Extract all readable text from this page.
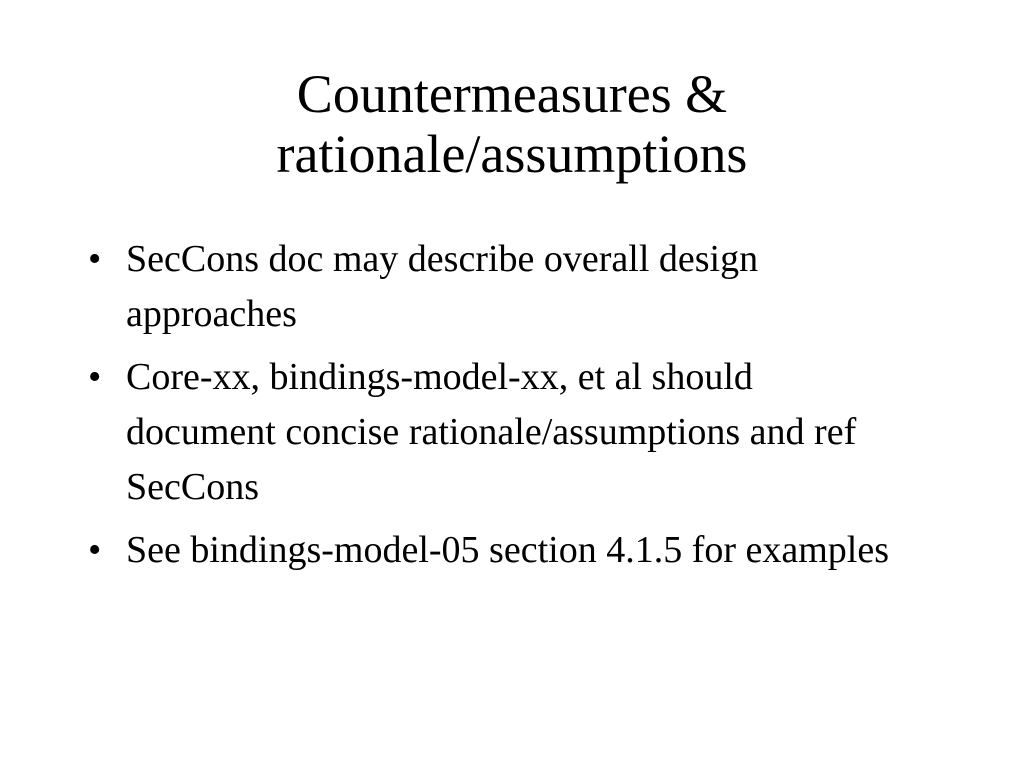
Countermeasures &
rationale/assumptions
• SecCons doc may describe overall design approaches
• Core-xx, bindings-model-xx, et al should document concise rationale/assumptions and ref SecCons
• See bindings-model-05 section 4.1.5 for examples
